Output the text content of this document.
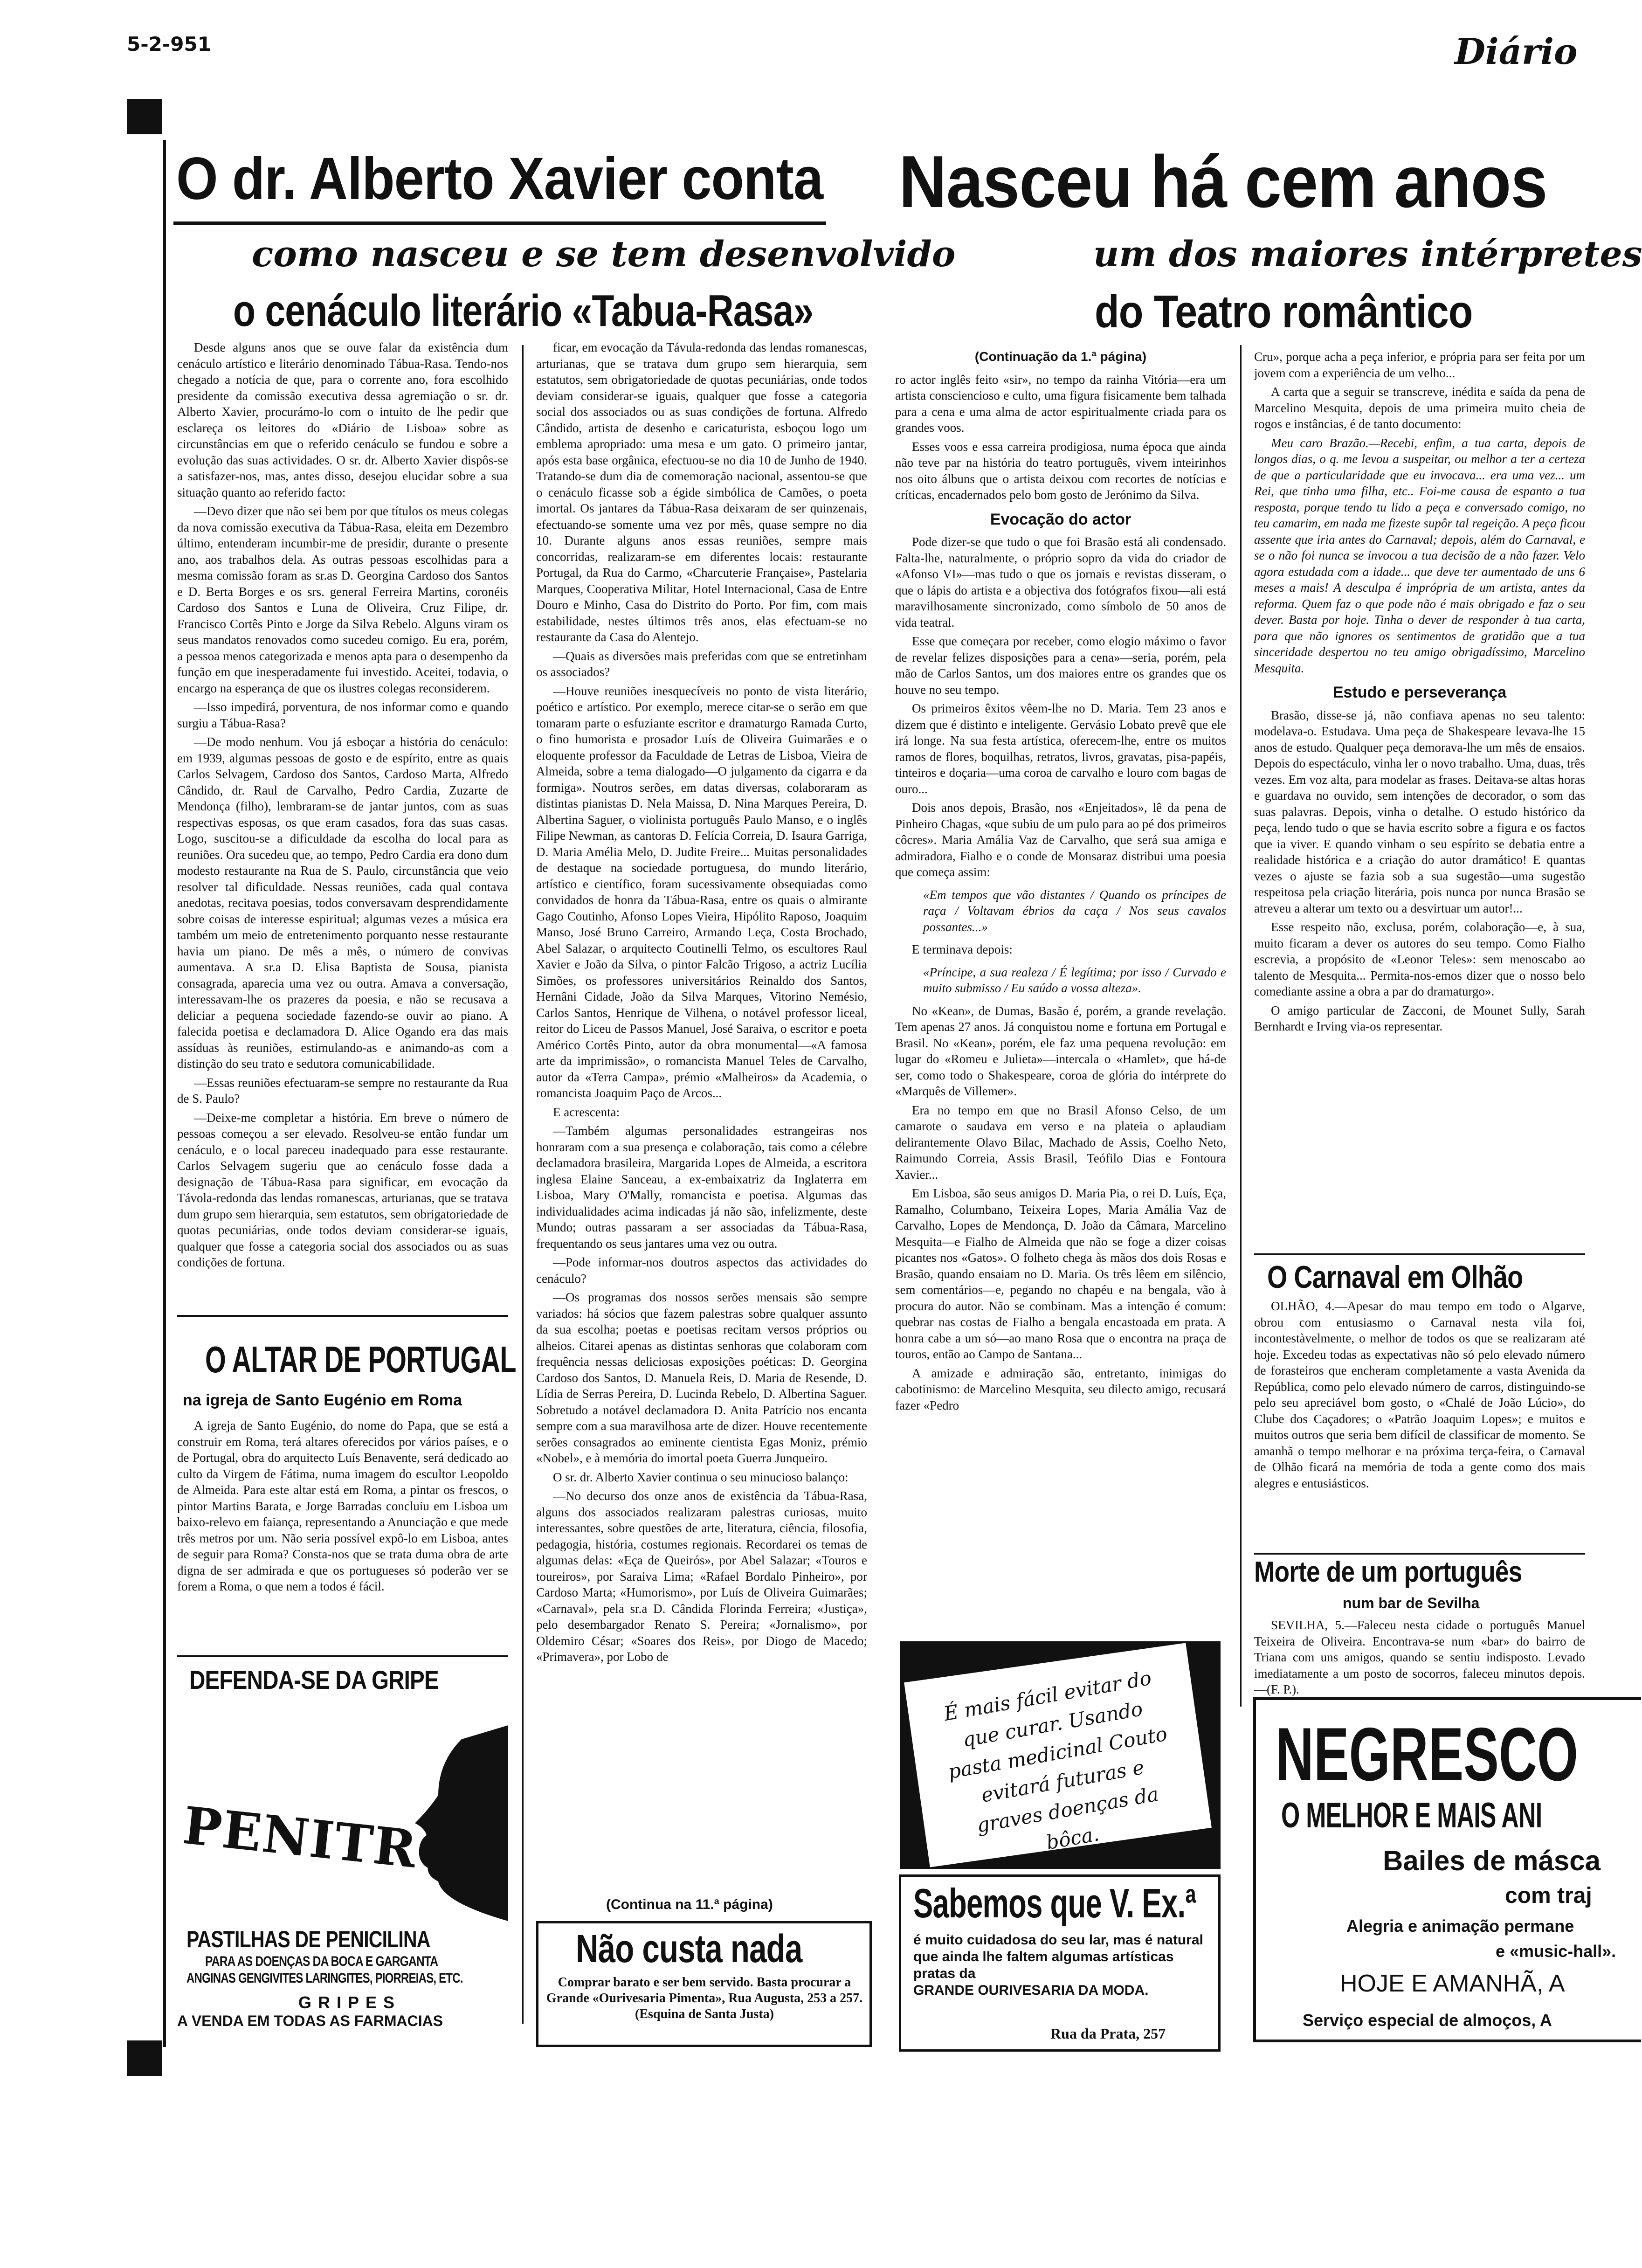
5-2-951	Diário
O dr. Alberto Xavier conta
como nasceu e se tem desenvolvido
o cenáculo literário «Tabua-Rasa»

Desde alguns anos que se ouve falar da existência dum cenáculo artístico e literário denominado Tábua-Rasa. Tendo-nos chegado a notícia de que, para o corrente ano, fora escolhido presidente da comissão executiva dessa agremiação o sr. dr. Alberto Xavier, procurámo-lo com o intuito de lhe pedir que esclareça os leitores do «Diário de Lisboa» sobre as circunstâncias em que o referido cenáculo se fundou e sobre a evolução das suas actividades. O sr. dr. Alberto Xavier dispôs-se a satisfazer-nos, mas, antes disso, desejou elucidar sobre a sua situação quanto ao referido facto:

—Devo dizer que não sei bem por que títulos os meus colegas da nova comissão executiva da Tábua-Rasa, eleita em Dezembro último, entenderam incumbir-me de presidir, durante o presente ano, aos trabalhos dela. As outras pessoas escolhidas para a mesma comissão foram as sr.as D. Georgina Cardoso dos Santos e D. Berta Borges e os srs. general Ferreira Martins, coronéis Cardoso dos Santos e Luna de Oliveira, Cruz Filipe, dr. Francisco Cortês Pinto e Jorge da Silva Rebelo. Alguns viram os seus mandatos renovados como sucedeu comigo. Eu era, porém, a pessoa menos categorizada e menos apta para o desempenho da função em que inesperadamente fui investido. Aceitei, todavia, o encargo na esperança de que os ilustres colegas reconsiderem.

—Isso impedirá, porventura, de nos informar como e quando surgiu a Tábua-Rasa?

—De modo nenhum. Vou já esboçar a história do cenáculo: em 1939, algumas pessoas de gosto e de espírito, entre as quais Carlos Selvagem, Cardoso dos Santos, Cardoso Marta, Alfredo Cândido, dr. Raul de Carvalho, Pedro Cardia, Zuzarte de Mendonça (filho), lembraram-se de jantar juntos, com as suas respectivas esposas, os que eram casados, fora das suas casas. Logo, suscitou-se a dificuldade da escolha do local para as reuniões. Ora sucedeu que, ao tempo, Pedro Cardia era dono dum modesto restaurante na Rua de S. Paulo, circunstância que veio resolver tal dificuldade. Nessas reuniões, cada qual contava anedotas, recitava poesias, todos conversavam desprendidamente sobre coisas de interesse espiritual; algumas vezes a música era também um meio de entretenimento porquanto nesse restaurante havia um piano. De mês a mês, o número de convivas aumentava. A sr.a D. Elisa Baptista de Sousa, pianista consagrada, aparecia uma vez ou outra. Amava a conversação, interessavam-lhe os prazeres da poesia, e não se recusava a deliciar a pequena sociedade fazendo-se ouvir ao piano. A falecida poetisa e declamadora D. Alice Ogando era das mais assíduas às reuniões, estimulando-as e animando-as com a distinção do seu trato e sedutora comunicabilidade.

—Essas reuniões efectuaram-se sempre no restaurante da Rua de S. Paulo?

—Deixe-me completar a história. Em breve o número de pessoas começou a ser elevado. Resolveu-se então fundar um cenáculo, e o local pareceu inadequado para esse restaurante. Carlos Selvagem sugeriu que ao cenáculo fosse dada a designação de Tábua-Rasa para significar, em evocação da Távola-redonda das lendas romanescas, arturianas, que se tratava dum grupo sem hierarquia, sem estatutos, sem obrigatoriedade de quotas pecuniárias, onde todos deviam considerar-se iguais, qualquer que fosse a categoria social dos associados ou as suas condições de fortuna.

ficar, em evocação da Távula-redonda das lendas romanescas, arturianas, que se tratava dum grupo sem hierarquia, sem estatutos, sem obrigatoriedade de quotas pecuniárias, onde todos deviam considerar-se iguais, qualquer que fosse a categoria social dos associados ou as suas condições de fortuna. Alfredo Cândido, artista de desenho e caricaturista, esboçou logo um emblema apropriado: uma mesa e um gato. O primeiro jantar, após esta base orgânica, efectuou-se no dia 10 de Junho de 1940. Tratando-se dum dia de comemoração nacional, assentou-se que o cenáculo ficasse sob a égide simbólica de Camões, o poeta imortal. Os jantares da Tábua-Rasa deixaram de ser quinzenais, efectuando-se somente uma vez por mês, quase sempre no dia 10. Durante alguns anos essas reuniões, sempre mais concorridas, realizaram-se em diferentes locais: restaurante Portugal, da Rua do Carmo, «Charcuterie Française», Pastelaria Marques, Cooperativa Militar, Hotel Internacional, Casa de Entre Douro e Minho, Casa do Distrito do Porto. Por fim, com mais estabilidade, nestes últimos três anos, elas efectuam-se no restaurante da Casa do Alentejo.

—Quais as diversões mais preferidas com que se entretinham os associados?

—Houve reuniões inesquecíveis no ponto de vista literário, poético e artístico. Por exemplo, merece citar-se o serão em que tomaram parte o esfuziante escritor e dramaturgo Ramada Curto, o fino humorista e prosador Luís de Oliveira Guimarães e o eloquente professor da Faculdade de Letras de Lisboa, Vieira de Almeida, sobre a tema dialogado—O julgamento da cigarra e da formiga». Noutros serões, em datas diversas, colaboraram as distintas pianistas D. Nela Maissa, D. Nina Marques Pereira, D. Albertina Saguer, o violinista português Paulo Manso, e o inglês Filipe Newman, as cantoras D. Felícia Correia, D. Isaura Garriga, D. Maria Amélia Melo, D. Judite Freire... Muitas personalidades de destaque na sociedade portuguesa, do mundo literário, artístico e científico, foram sucessivamente obsequiadas como convidados de honra da Tábua-Rasa, entre os quais o almirante Gago Coutinho, Afonso Lopes Vieira, Hipólito Raposo, Joaquim Manso, José Bruno Carreiro, Armando Leça, Costa Brochado, Abel Salazar, o arquitecto Coutinelli Telmo, os escultores Raul Xavier e João da Silva, o pintor Falcão Trigoso, a actriz Lucília Simões, os professores universitários Reinaldo dos Santos, Hernâni Cidade, João da Silva Marques, Vitorino Nemésio, Carlos Santos, Henrique de Vilhena, o notável professor liceal, reitor do Liceu de Passos Manuel, José Saraiva, o escritor e poeta Américo Cortês Pinto, autor da obra monumental—«A famosa arte da imprimissão», o romancista Manuel Teles de Carvalho, autor da «Terra Campa», prémio «Malheiros» da Academia, o romancista Joaquim Paço de Arcos...

E acrescenta:

—Também algumas personalidades estrangeiras nos honraram com a sua presença e colaboração, tais como a célebre declamadora brasileira, Margarida Lopes de Almeida, a escritora inglesa Elaine Sanceau, a ex-embaixatriz da Inglaterra em Lisboa, Mary O'Mally, romancista e poetisa. Algumas das individualidades acima indicadas já não são, infelizmente, deste Mundo; outras passaram a ser associadas da Tábua-Rasa, frequentando os seus jantares uma vez ou outra.

—Pode informar-nos doutros aspectos das actividades do cenáculo?

—Os programas dos nossos serões mensais são sempre variados: há sócios que fazem palestras sobre qualquer assunto da sua escolha; poetas e poetisas recitam versos próprios ou alheios. Citarei apenas as distintas senhoras que colaboram com frequência nessas deliciosas exposições poéticas: D. Georgina Cardoso dos Santos, D. Manuela Reis, D. Maria de Resende, D. Lídia de Serras Pereira, D. Lucinda Rebelo, D. Albertina Saguer. Sobretudo a notável declamadora D. Anita Patrício nos encanta sempre com a sua maravilhosa arte de dizer. Houve recentemente serões consagrados ao eminente cientista Egas Moniz, prémio «Nobel», e à memória do imortal poeta Guerra Junqueiro.

O sr. dr. Alberto Xavier continua o seu minucioso balanço:

—No decurso dos onze anos de existência da Tábua-Rasa, alguns dos associados realizaram palestras curiosas, muito interessantes, sobre questões de arte, literatura, ciência, filosofia, pedagogia, história, costumes regionais. Recordarei os temas de algumas delas: «Eça de Queirós», por Abel Salazar; «Touros e toureiros», por Saraiva Lima; «Rafael Bordalo Pinheiro», por Cardoso Marta; «Humorismo», por Luís de Oliveira Guimarães; «Carnaval», pela sr.a D. Cândida Florinda Ferreira; «Justiça», pelo desembargador Renato S. Pereira; «Jornalismo», por Oldemiro César; «Soares dos Reis», por Diogo de Macedo; «Primavera», por Lobo de

(Continua na 11.ª página)
O ALTAR DE PORTUGAL
na igreja de Santo Eugénio em Roma

A igreja de Santo Eugénio, do nome do Papa, que se está a construir em Roma, terá altares oferecidos por vários países, e o de Portugal, obra do arquitecto Luís Benavente, será dedicado ao culto da Virgem de Fátima, numa imagem do escultor Leopoldo de Almeida. Para este altar está em Roma, a pintar os frescos, o pintor Martins Barata, e Jorge Barradas concluiu em Lisboa um baixo-relevo em faiança, representando a Anunciação e que mede três metros por um. Não seria possível expô-lo em Lisboa, antes de seguir para Roma? Consta-nos que se trata duma obra de arte digna de ser admirada e que os portugueses só poderão ver se forem a Roma, o que nem a todos é fácil.

DEFENDA-SE DA GRIPE
PENITROL
PASTILHAS DE PENICILINA
PARA AS DOENÇAS DA BOCA E GARGANTA
ANGINAS GENGIVITES LARINGITES, PIORREIAS, ETC.
GRIPES
A VENDA EM TODAS AS FARMACIAS
Não custa nada
Comprar barato e ser bem servido. Basta procurar a Grande «Ourivesaria Pimenta», Rua Augusta, 253 a 257. (Esquina de Santa Justa)
Nasceu há cem anos
um dos maiores intérpretes
do Teatro romântico
(Continuação da 1.ª página)

ro actor inglês feito «sir», no tempo da rainha Vitória—era um artista consciencioso e culto, uma figura fisicamente bem talhada para a cena e uma alma de actor espiritualmente criada para os grandes voos.

Esses voos e essa carreira prodigiosa, numa época que ainda não teve par na história do teatro português, vivem inteirinhos nos oito álbuns que o artista deixou com recortes de notícias e críticas, encadernados pelo bom gosto de Jerónimo da Silva.

Evocação do actor

Pode dizer-se que tudo o que foi Brasão está ali condensado. Falta-lhe, naturalmente, o próprio sopro da vida do criador de «Afonso VI»—mas tudo o que os jornais e revistas disseram, o que o lápis do artista e a objectiva dos fotógrafos fixou—ali está maravilhosamente sincronizado, como símbolo de 50 anos de vida teatral.

Esse que começara por receber, como elogio máximo o favor de revelar felizes disposições para a cena»—seria, porém, pela mão de Carlos Santos, um dos maiores entre os grandes que os houve no seu tempo.

Os primeiros êxitos vêem-lhe no D. Maria. Tem 23 anos e dizem que é distinto e inteligente. Gervásio Lobato prevê que ele irá longe. Na sua festa artística, oferecem-lhe, entre os muitos ramos de flores, boquilhas, retratos, livros, gravatas, pisa-papéis, tinteiros e doçaria—uma coroa de carvalho e louro com bagas de ouro...

Dois anos depois, Brasão, nos «Enjeitados», lê da pena de Pinheiro Chagas, «que subiu de um pulo para ao pé dos primeiros côcres». Maria Amália Vaz de Carvalho, que será sua amiga e admiradora, Fialho e o conde de Monsaraz distribui uma poesia que começa assim:

«Em tempos que vão distantes / Quando os príncipes de raça / Voltavam ébrios da caça / Nos seus cavalos possantes...»

E terminava depois:

«Príncipe, a sua realeza / É legítima; por isso / Curvado e muito submisso / Eu saúdo a vossa alteza».

No «Kean», de Dumas, Basão é, porém, a grande revelação. Tem apenas 27 anos. Já conquistou nome e fortuna em Portugal e Brasil. No «Kean», porém, ele faz uma pequena revolução: em lugar do «Romeu e Julieta»—intercala o «Hamlet», que há-de ser, como todo o Shakespeare, coroa de glória do intérprete do «Marquês de Villemer».

Era no tempo em que no Brasil Afonso Celso, de um camarote o saudava em verso e na plateia o aplaudiam delirantemente Olavo Bilac, Machado de Assis, Coelho Neto, Raimundo Correia, Assis Brasil, Teófilo Dias e Fontoura Xavier...

Em Lisboa, são seus amigos D. Maria Pia, o rei D. Luís, Eça, Ramalho, Columbano, Teixeira Lopes, Maria Amália Vaz de Carvalho, Lopes de Mendonça, D. João da Câmara, Marcelino Mesquita—e Fialho de Almeida que não se foge a dizer coisas picantes nos «Gatos». O folheto chega às mãos dos dois Rosas e Brasão, quando ensaiam no D. Maria. Os três lêem em silêncio, sem comentários—e, pegando no chapéu e na bengala, vão à procura do autor. Não se combinam. Mas a intenção é comum: quebrar nas costas de Fialho a bengala encastoada em prata. A honra cabe a um só—ao mano Rosa que o encontra na praça de touros, então ao Campo de Santana...

A amizade e admiração são, entretanto, inimigas do cabotinismo: de Marcelino Mesquita, seu dilecto amigo, recusará fazer «Pedro

Cru», porque acha a peça inferior, e própria para ser feita por um jovem com a experiência de um velho...

A carta que a seguir se transcreve, inédita e saída da pena de Marcelino Mesquita, depois de uma primeira muito cheia de rogos e instâncias, é de tanto documento:

Meu caro Brazão.—Recebi, enfim, a tua carta, depois de longos dias, o q. me levou a suspeitar, ou melhor a ter a certeza de que a particularidade que eu invocava... era uma vez... um Rei, que tinha uma filha, etc.. Foi-me causa de espanto a tua resposta, porque tendo tu lido a peça e conversado comigo, no teu camarim, em nada me fizeste supôr tal regeição. A peça ficou assente que iria antes do Carnaval; depois, além do Carnaval, e se o não foi nunca se invocou a tua decisão de a não fazer. Velo agora estudada com a idade... que deve ter aumentado de uns 6 meses a mais! A desculpa é imprópria de um artista, antes da reforma. Quem faz o que pode não é mais obrigado e faz o seu dever. Basta por hoje. Tinha o dever de responder à tua carta, para que não ignores os sentimentos de gratidão que a tua sinceridade despertou no teu amigo obrigadíssimo, Marcelino Mesquita.

Estudo e perseverança

Brasão, disse-se já, não confiava apenas no seu talento: modelava-o. Estudava. Uma peça de Shakespeare levava-lhe 15 anos de estudo. Qualquer peça demorava-lhe um mês de ensaios. Depois do espectáculo, vinha ler o novo trabalho. Uma, duas, três vezes. Em voz alta, para modelar as frases. Deitava-se altas horas e guardava no ouvido, sem intenções de decorador, o som das suas palavras. Depois, vinha o detalhe. O estudo histórico da peça, lendo tudo o que se havia escrito sobre a figura e os factos que ia viver. E quando vinham o seu espírito se debatia entre a realidade histórica e a criação do autor dramático! E quantas vezes o ajuste se fazia sob a sua sugestão—uma sugestão respeitosa pela criação literária, pois nunca por nunca Brasão se atreveu a alterar um texto ou a desvirtuar um autor!...

Esse respeito não, exclusa, porém, colaboração—e, à sua, muito ficaram a dever os autores do seu tempo. Como Fialho escrevia, a propósito de «Leonor Teles»: sem menoscabo ao talento de Mesquita... Permita-nos-emos dizer que o nosso belo comediante assine a obra a par do dramaturgo».

O amigo particular de Zacconi, de Mounet Sully, Sarah Bernhardt e Irving via-os representar.

É mais fácil evitar do que curar. Usando pasta medicinal Couto evitará futuras e graves doenças da bôca.
Sabemos que V. Ex.ª
é muito cuidadosa do seu lar, mas é natural que ainda lhe faltem algumas artísticas pratas da
GRANDE OURIVESARIA DA MODA.
Rua da Prata, 257
O Carnaval em Olhão

OLHÃO, 4.—Apesar do mau tempo em todo o Algarve, obrou com entusiasmo o Carnaval nesta vila foi, incontestàvelmente, o melhor de todos os que se realizaram até hoje. Excedeu todas as expectativas não só pelo elevado número de forasteiros que encheram completamente a vasta Avenida da República, como pelo elevado número de carros, distinguindo-se pelo seu apreciável bom gosto, o «Chalé de João Lúcio», do Clube dos Caçadores; o «Patrão Joaquim Lopes»; e muitos e muitos outros que seria bem difícil de classificar de momento. Se amanhã o tempo melhorar e na próxima terça-feira, o Carnaval de Olhão ficará na memória de toda a gente como dos mais alegres e entusiásticos.

Morte de um português
num bar de Sevilha

SEVILHA, 5.—Faleceu nesta cidade o português Manuel Teixeira de Oliveira. Encontrava-se num «bar» do bairro de Triana com uns amigos, quando se sentiu indisposto. Levado imediatamente a um posto de socorros, faleceu minutos depois.—(F. P.).

NEGRESCO
O MELHOR E MAIS ANI
Bailes de másca
com traj
Alegria e animação permane
e «music-hall».
HOJE E AMANHÃ, A
Serviço especial de almoços, A
